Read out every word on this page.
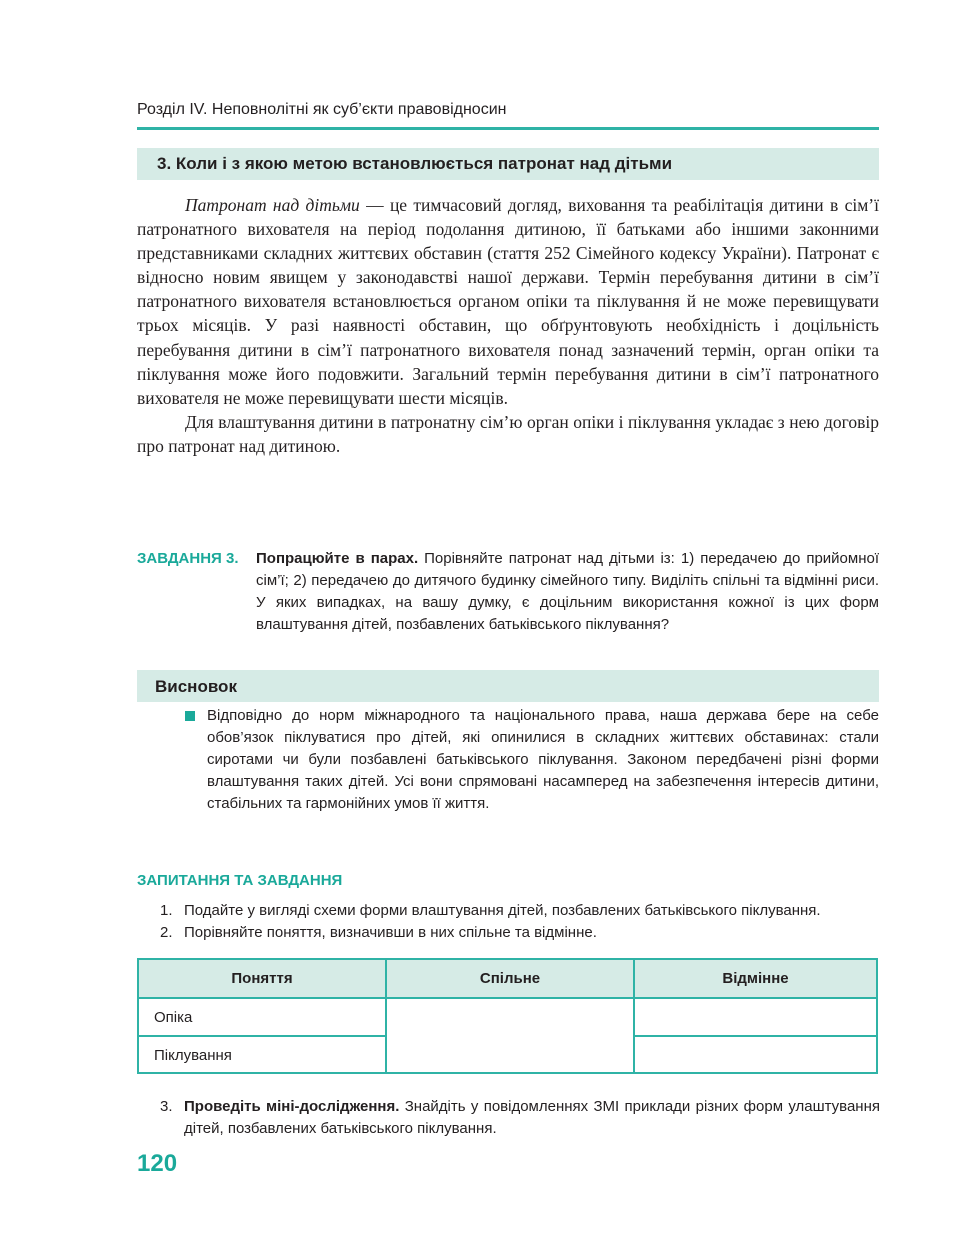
Розділ IV. Неповнолітні як суб’єкти правовідносин
3. Коли і з якою метою встановлюється патронат над дітьми

Патронат над дітьми — це тимчасовий догляд, виховання та реабілітація дитини в сім’ї патронатного вихователя на період подолання дитиною, її батьками або іншими законними представниками складних життєвих обставин (стаття 252 Сімейного кодексу України). Патронат є відносно новим явищем у законодавстві нашої держави. Термін перебування дитини в сім’ї патронатного вихователя встановлюється органом опіки та піклування й не може перевищувати трьох місяців. У разі наявності обставин, що обґрунтовують необхідність і доцільність перебування дитини в сім’ї патронатного вихователя понад зазначений термін, орган опіки та піклування може його подовжити. Загальний термін перебування дитини в сім’ї патронатного вихователя не може перевищувати шести місяців.

Для влаштування дитини в патронатну сім’ю орган опіки і піклування укладає з нею договір про патронат над дитиною.

ЗАВДАННЯ 3. Попрацюйте в парах. Порівняйте патронат над дітьми із: 1) передачею до прийомної сім’ї; 2) передачею до дитячого будинку сімейного типу. Виділіть спільні та відмінні риси. У яких випадках, на вашу думку, є доцільним використання кожної із цих форм влаштування дітей, позбавлених батьківського піклування?
Висновок
Відповідно до норм міжнародного та національного права, наша держава бере на себе обов’язок піклуватися про дітей, які опинилися в складних життєвих обставинах: стали сиротами чи були позбавлені батьківського піклування. Законом передбачені різні форми влаштування таких дітей. Усі вони спрямовані насамперед на забезпечення інтересів дитини, стабільних та гармонійних умов її життя.
ЗАПИТАННЯ ТА ЗАВДАННЯ
1. Подайте у вигляді схеми форми влаштування дітей, позбавлених батьківського піклування.
2. Порівняйте поняття, визначивши в них спільне та відмінне.
Поняття	Спільне	Відмінне
Опіка
Піклування
3. Проведіть міні-дослідження. Знайдіть у повідомленнях ЗМІ приклади різних форм улаштування дітей, позбавлених батьківського піклування.
120
